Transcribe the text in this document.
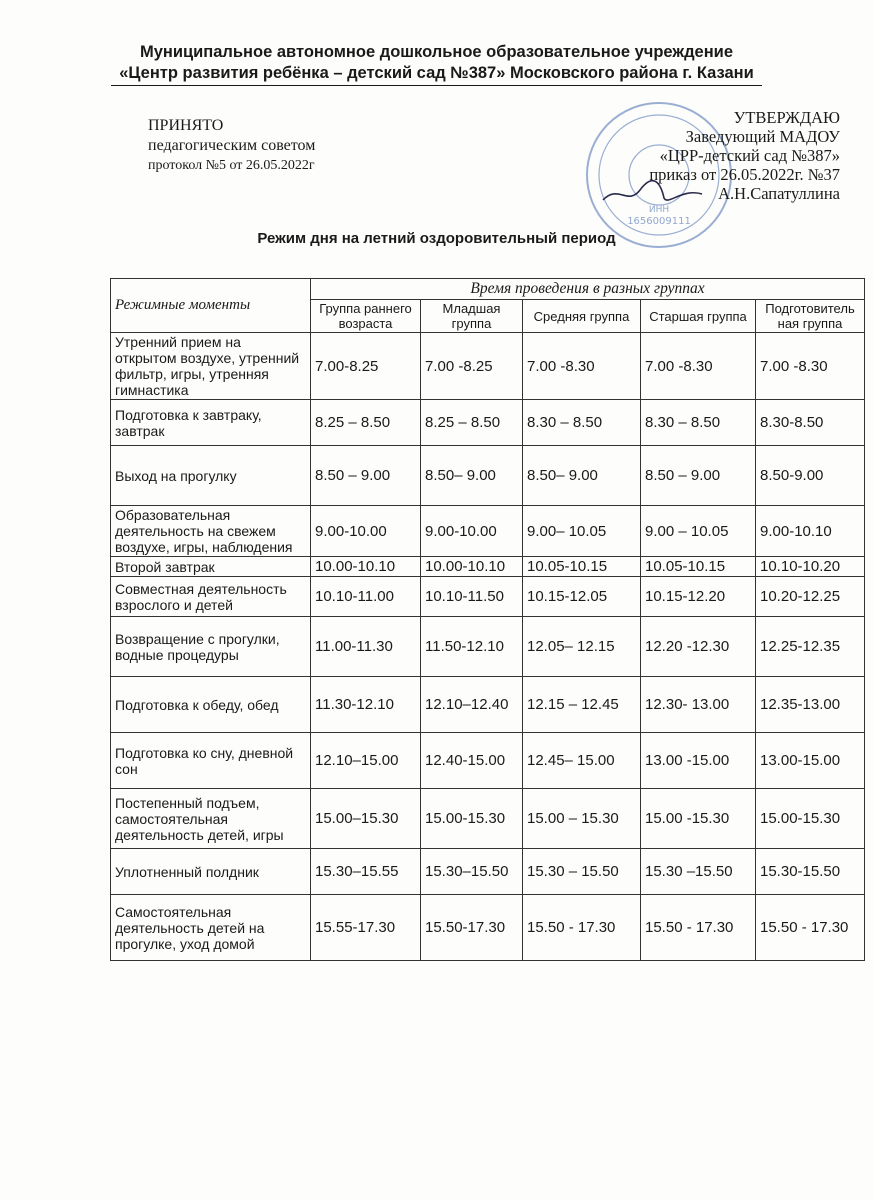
Муниципальное автономное дошкольное образовательное учреждение
«Центр развития ребёнка – детский сад №387» Московского района г. Казани
ПРИНЯТО
педагогическим советом
протокол №5 от 26.05.2022г
ИНН
1656009111
УТВЕРЖДАЮ
Заведующий МАДОУ
«ЦРР-детский сад №387»
приказ от 26.05.2022г. №37
А.Н.Сапатуллина
Режим дня на летний оздоровительный период
Режимные моменты	Время проведения в разных группах				
	Группа раннего возраста	Младшая группа	Средняя группа	Старшая группа	Подготовитель ная группа
Утренний прием на открытом воздухе, утренний фильтр, игры, утренняя гимнастика	7.00-8.25	7.00 -8.25	7.00 -8.30	7.00 -8.30	7.00 -8.30
Подготовка к завтраку, завтрак	8.25 – 8.50	8.25 – 8.50	8.30 – 8.50	8.30 – 8.50	8.30-8.50
Выход на прогулку	8.50 – 9.00	8.50– 9.00	8.50– 9.00	8.50 – 9.00	8.50-9.00
Образовательная деятельность на свежем воздухе, игры, наблюдения	9.00-10.00	9.00-10.00	9.00– 10.05	9.00 – 10.05	9.00-10.10
Второй завтрак	10.00-10.10	10.00-10.10	10.05-10.15	10.05-10.15	10.10-10.20
Совместная деятельность взрослого и детей	10.10-11.00	10.10-11.50	10.15-12.05	10.15-12.20	10.20-12.25
Возвращение с прогулки, водные процедуры	11.00-11.30	11.50-12.10	12.05– 12.15	12.20 -12.30	12.25-12.35
Подготовка к обеду, обед	11.30-12.10	12.10–12.40	12.15 – 12.45	12.30- 13.00	12.35-13.00
Подготовка ко сну, дневной сон	12.10–15.00	12.40-15.00	12.45– 15.00	13.00 -15.00	13.00-15.00
Постепенный подъем, самостоятельная деятельность детей, игры	15.00–15.30	15.00-15.30	15.00 – 15.30	15.00 -15.30	15.00-15.30
Уплотненный полдник	15.30–15.55	15.30–15.50	15.30 – 15.50	15.30 –15.50	15.30-15.50
Самостоятельная деятельность детей на прогулке, уход домой	15.55-17.30	15.50-17.30	15.50 - 17.30	15.50 - 17.30	15.50 - 17.30
